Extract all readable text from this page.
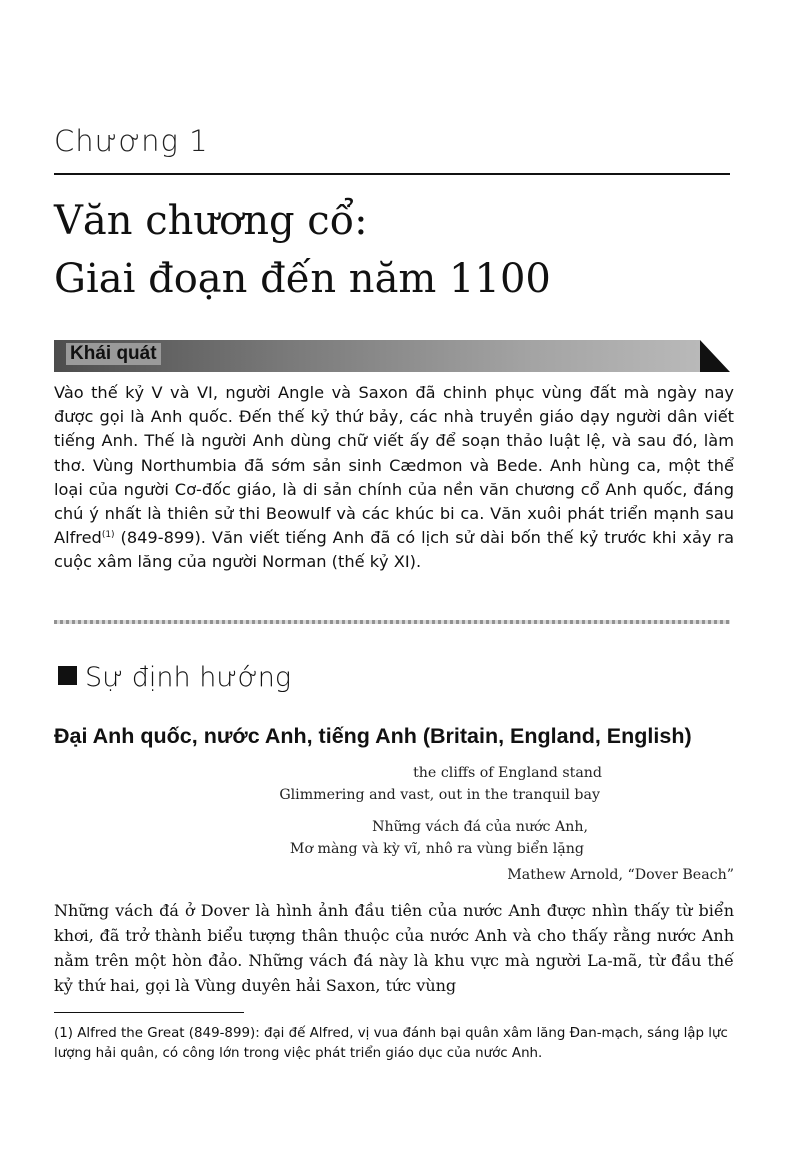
Chương 1
Văn chương cổ:
Giai đoạn đến năm 1100
Khái quát

Vào thế kỷ V và VI, người Angle và Saxon đã chinh phục vùng đất mà ngày nay được gọi là Anh quốc. Đến thế kỷ thứ bảy, các nhà truyền giáo dạy người dân viết tiếng Anh. Thế là người Anh dùng chữ viết ấy để soạn thảo luật lệ, và sau đó, làm thơ. Vùng Northumbia đã sớm sản sinh Cædmon và Bede. Anh hùng ca, một thể loại của người Cơ-đốc giáo, là di sản chính của nền văn chương cổ Anh quốc, đáng chú ý nhất là thiên sử thi Beowulf và các khúc bi ca. Văn xuôi phát triển mạnh sau Alfred$^{(1)}$ (849-899). Văn viết tiếng Anh đã có lịch sử dài bốn thế kỷ trước khi xảy ra cuộc xâm lăng của người Norman (thế kỷ XI).

Sự định hướng
Đại Anh quốc, nước Anh, tiếng Anh (Britain, England, English)
the cliffs of England stand
Glimmering and vast, out in the tranquil bay
Những vách đá của nước Anh,
Mơ màng và kỳ vĩ, nhô ra vùng biển lặng
Mathew Arnold, “Dover Beach”

Những vách đá ở Dover là hình ảnh đầu tiên của nước Anh được nhìn thấy từ biển khơi, đã trở thành biểu tượng thân thuộc của nước Anh và cho thấy rằng nước Anh nằm trên một hòn đảo. Những vách đá này là khu vực mà người La-mã, từ đầu thế kỷ thứ hai, gọi là Vùng duyên hải Saxon, tức vùng

(1) Alfred the Great (849-899): đại đế Alfred, vị vua đánh bại quân xâm lăng Đan-mạch, sáng lập lực lượng hải quân, có công lớn trong việc phát triển giáo dục của nước Anh.
